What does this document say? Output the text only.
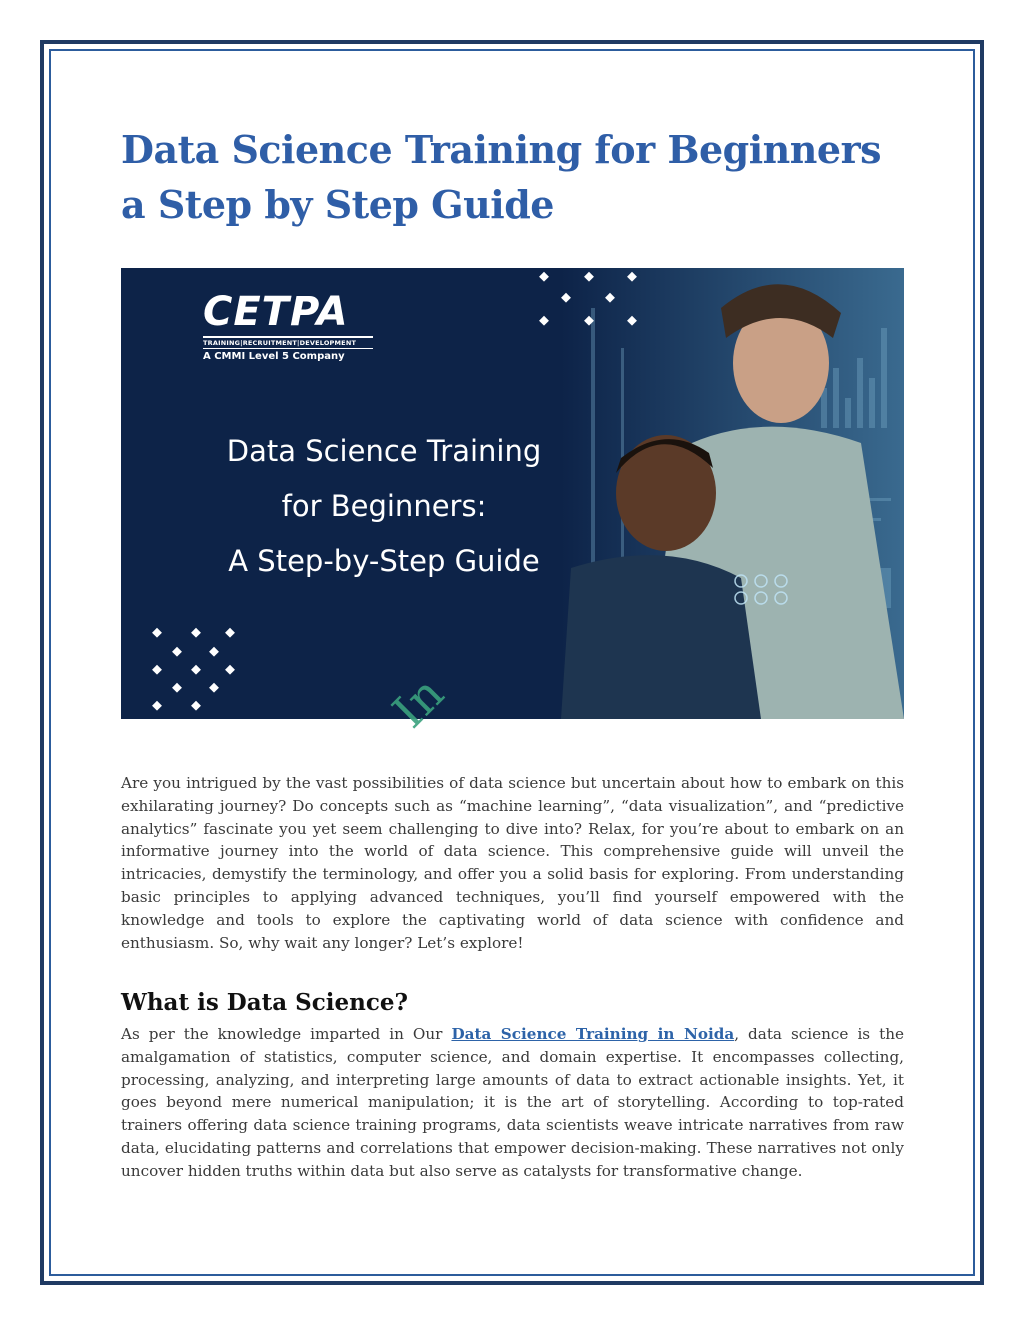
Data Science Training for Beginners a Step by Step Guide
CETPA
TRAINING|RECRUITMENT|DEVELOPMENT
A CMMI Level 5 Company

Data Science Training
for Beginners:
A Step-by-Step Guide

In

Are you intrigued by the vast possibilities of data science but uncertain about how to embark on this exhilarating journey? Do concepts such as “machine learning”, “data visualization”, and “predictive analytics” fascinate you yet seem challenging to dive into? Relax, for you’re about to embark on an informative journey into the world of data science. This comprehensive guide will unveil the intricacies, demystify the terminology, and offer you a solid basis for exploring. From understanding basic principles to applying advanced techniques, you’ll find yourself empowered with the knowledge and tools to explore the captivating world of data science with confidence and enthusiasm. So, why wait any longer? Let’s explore!

What is Data Science?

As per the knowledge imparted in Our Data Science Training in Noida, data science is the amalgamation of statistics, computer science, and domain expertise. It encompasses collecting, processing, analyzing, and interpreting large amounts of data to extract actionable insights. Yet, it goes beyond mere numerical manipulation; it is the art of storytelling. According to top-rated trainers offering data science training programs, data scientists weave intricate narratives from raw data, elucidating patterns and correlations that empower decision-making. These narratives not only uncover hidden truths within data but also serve as catalysts for transformative change.
